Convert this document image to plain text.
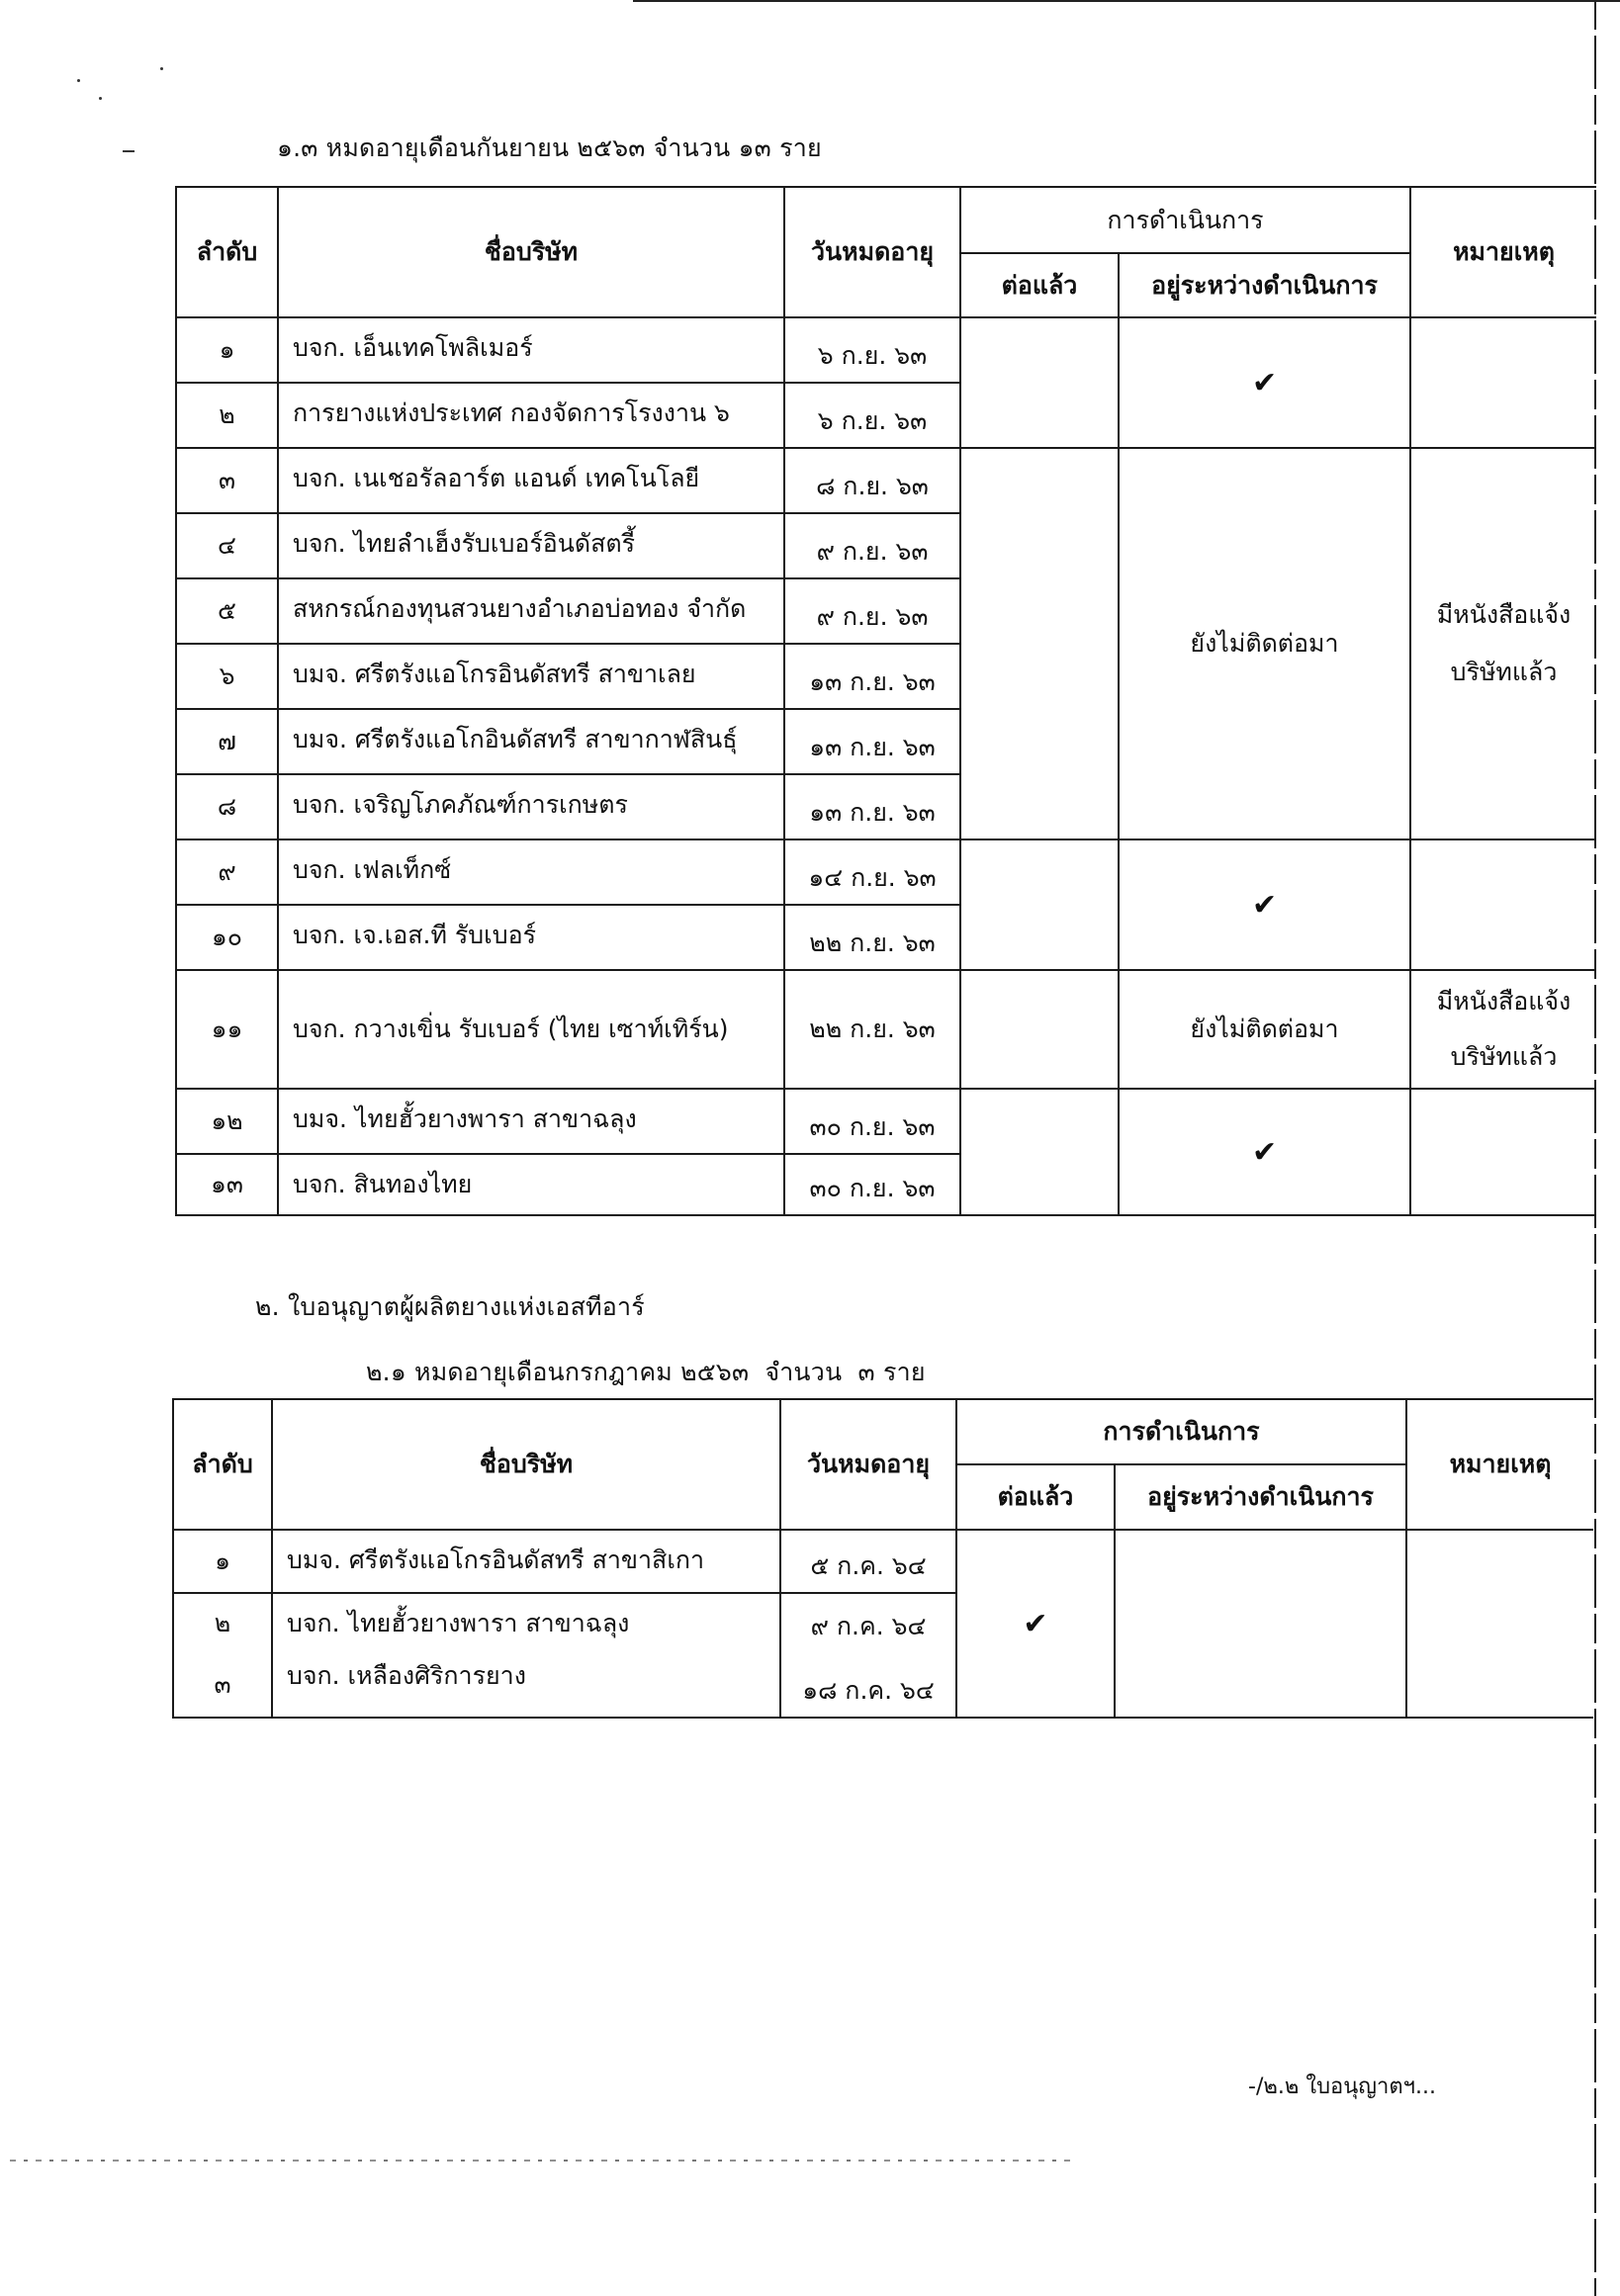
๑.๓ หมดอายุเดือนกันยายน ๒๕๖๓ จำนวน ๑๓ ราย
ลำดับ	ชื่อบริษัท	วันหมดอายุ	การดำเนินการ		หมายเหตุ
			ต่อแล้ว	อยู่ระหว่างดำเนินการ	
๑	บจก. เอ็นเทคโพลิเมอร์	๖ ก.ย. ๖๓		✔	
๒	การยางแห่งประเทศ กองจัดการโรงงาน ๖	๖ ก.ย. ๖๓			
๓	บจก. เนเชอรัลอาร์ต แอนด์ เทคโนโลยี	๘ ก.ย. ๖๓		ยังไม่ติดต่อมา	มีหนังสือแจ้ง
บริษัทแล้ว

๔	บจก. ไทยลำเฮ็งรับเบอร์อินดัสตรี้	๙ ก.ย. ๖๓			
๕	สหกรณ์กองทุนสวนยางอำเภอบ่อทอง จำกัด	๙ ก.ย. ๖๓			
๖	บมจ. ศรีตรังแอโกรอินดัสทรี สาขาเลย	๑๓ ก.ย. ๖๓			
๗	บมจ. ศรีตรังแอโกอินดัสทรี สาขากาฬสินธุ์	๑๓ ก.ย. ๖๓			
๘	บจก. เจริญโภคภัณฑ์การเกษตร	๑๓ ก.ย. ๖๓			
๙	บจก. เฟลเท็กซ์	๑๔ ก.ย. ๖๓		✔	
๑๐	บจก. เจ.เอส.ที รับเบอร์	๒๒ ก.ย. ๖๓			
๑๑	บจก. กวางเขิ่น รับเบอร์ (ไทย เซาท์เทิร์น)	๒๒ ก.ย. ๖๓		ยังไม่ติดต่อมา	มีหนังสือแจ้ง
บริษัทแล้ว

๑๒	บมจ. ไทยฮั้วยางพารา สาขาฉลุง	๓๐ ก.ย. ๖๓		✔	
๑๓	บจก. สินทองไทย	๓๐ ก.ย. ๖๓			
๒. ใบอนุญาตผู้ผลิตยางแห่งเอสทีอาร์
๒.๑ หมดอายุเดือนกรกฎาคม ๒๕๖๓  จำนวน  ๓ ราย
ลำดับ	ชื่อบริษัท	วันหมดอายุ	การดำเนินการ		หมายเหตุ
			ต่อแล้ว	อยู่ระหว่างดำเนินการ	
๑	บมจ. ศรีตรังแอโกรอินดัสทรี สาขาสิเกา	๕ ก.ค. ๖๔	✔		
๒	บจก. ไทยฮั้วยางพารา สาขาฉลุง	๙ ก.ค. ๖๔			
๓	บจก. เหลืองศิริการยาง	๑๘ ก.ค. ๖๔			
-/๒.๒ ใบอนุญาตฯ...
